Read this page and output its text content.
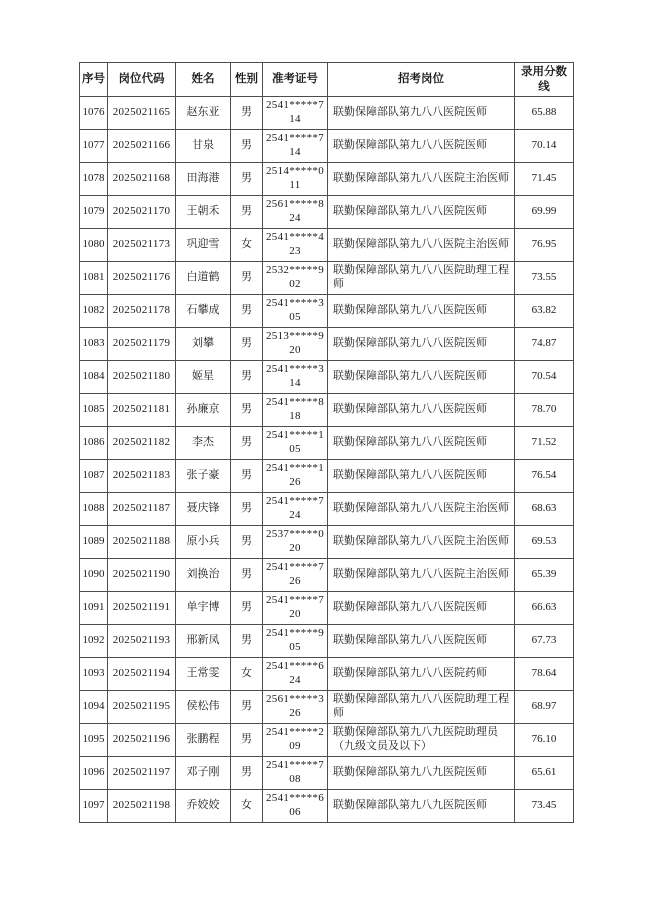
序号	岗位代码	姓名	性别	准考证号	招考岗位	录用分数线
1076	2025021165	赵东亚	男	2541*****714	联勤保障部队第九八八医院医师	65.88
1077	2025021166	甘泉	男	2541*****714	联勤保障部队第九八八医院医师	70.14
1078	2025021168	田海港	男	2514*****011	联勤保障部队第九八八医院主治医师	71.45
1079	2025021170	王朝禾	男	2561*****824	联勤保障部队第九八八医院医师	69.99
1080	2025021173	巩迎雪	女	2541*****423	联勤保障部队第九八八医院主治医师	76.95
1081	2025021176	白道鹤	男	2532*****902	联勤保障部队第九八八医院助理工程师	73.55
1082	2025021178	石攀成	男	2541*****305	联勤保障部队第九八八医院医师	63.82
1083	2025021179	刘攀	男	2513*****920	联勤保障部队第九八八医院医师	74.87
1084	2025021180	姬星	男	2541*****314	联勤保障部队第九八八医院医师	70.54
1085	2025021181	孙廉京	男	2541*****818	联勤保障部队第九八八医院医师	78.70
1086	2025021182	李杰	男	2541*****105	联勤保障部队第九八八医院医师	71.52
1087	2025021183	张子豪	男	2541*****126	联勤保障部队第九八八医院医师	76.54
1088	2025021187	聂庆锋	男	2541*****724	联勤保障部队第九八八医院主治医师	68.63
1089	2025021188	原小兵	男	2537*****020	联勤保障部队第九八八医院主治医师	69.53
1090	2025021190	刘换治	男	2541*****726	联勤保障部队第九八八医院主治医师	65.39
1091	2025021191	单宇博	男	2541*****720	联勤保障部队第九八八医院医师	66.63
1092	2025021193	邢新凤	男	2541*****905	联勤保障部队第九八八医院医师	67.73
1093	2025021194	王常雯	女	2541*****624	联勤保障部队第九八八医院药师	78.64
1094	2025021195	侯松伟	男	2561*****326	联勤保障部队第九八八医院助理工程师	68.97
1095	2025021196	张鹏程	男	2541*****209	联勤保障部队第九八九医院助理员（九级文员及以下）	76.10
1096	2025021197	邓子刚	男	2541*****708	联勤保障部队第九八九医院医师	65.61
1097	2025021198	乔姣姣	女	2541*****606	联勤保障部队第九八九医院医师	73.45
